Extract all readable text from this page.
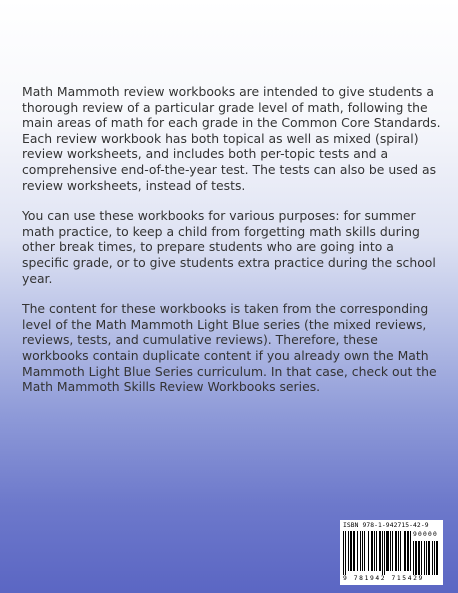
Math Mammoth review workbooks are intended to give students a thorough review of a particular grade level of math, following the main areas of math for each grade in the Common Core Standards. Each review workbook has both topical as well as mixed (spiral) review worksheets, and includes both per-topic tests and a comprehensive end-of-the-year test. The tests can also be used as review worksheets, instead of tests.

You can use these workbooks for various purposes: for summer math practice, to keep a child from forgetting math skills during other break times, to prepare students who are going into a specific grade, or to give students extra practice during the school year.

The content for these workbooks is taken from the corresponding level of the Math Mammoth Light Blue series (the mixed reviews, reviews, tests, and cumulative reviews). Therefore, these workbooks contain duplicate content if you already own the Math Mammoth Light Blue Series curriculum. In that case, check out the Math Mammoth Skills Review Workbooks series.

ISBN 978-1-942715-42-9
90000
9 781942 715429
